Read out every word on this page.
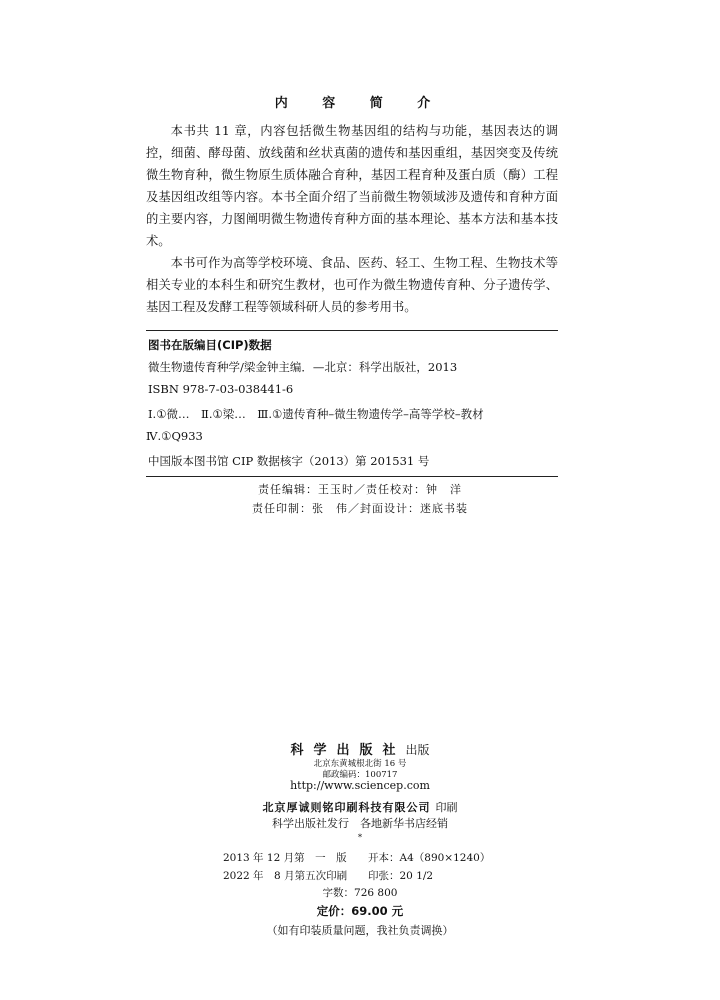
内 容 简 介

本书共 11 章，内容包括微生物基因组的结构与功能，基因表达的调控，细菌、酵母菌、放线菌和丝状真菌的遗传和基因重组，基因突变及传统微生物育种，微生物原生质体融合育种，基因工程育种及蛋白质（酶）工程及基因组改组等内容。本书全面介绍了当前微生物领域涉及遗传和育种方面的主要内容，力图阐明微生物遗传育种方面的基本理论、基本方法和基本技术。

本书可作为高等学校环境、食品、医药、轻工、生物工程、生物技术等相关专业的本科生和研究生教材，也可作为微生物遗传育种、分子遗传学、基因工程及发酵工程等领域科研人员的参考用书。

图书在版编目(CIP)数据
微生物遗传育种学/梁金钟主编．—北京：科学出版社，2013
ISBN 978-7-03-038441-6
Ⅰ.①微…　Ⅱ.①梁…　Ⅲ.①遗传育种–微生物遗传学–高等学校–教材
Ⅳ.①Q933
中国版本图书馆 CIP 数据核字（2013）第 201531 号
责任编辑：王玉时／责任校对：钟　洋
责任印制：张　伟／封面设计：迷底书装
科学出版社出版
北京东黄城根北街 16 号
邮政编码：100717
http://www.sciencep.com
北京厚诚则铭印刷科技有限公司 印刷
科学出版社发行　各地新华书店经销
*
2013 年 12 月第　一　版 开本：A4（890×1240）
2022 年　8 月第五次印刷 印张：20 1/2
字数：726 800
定价：69.00 元
（如有印装质量问题，我社负责调换）
